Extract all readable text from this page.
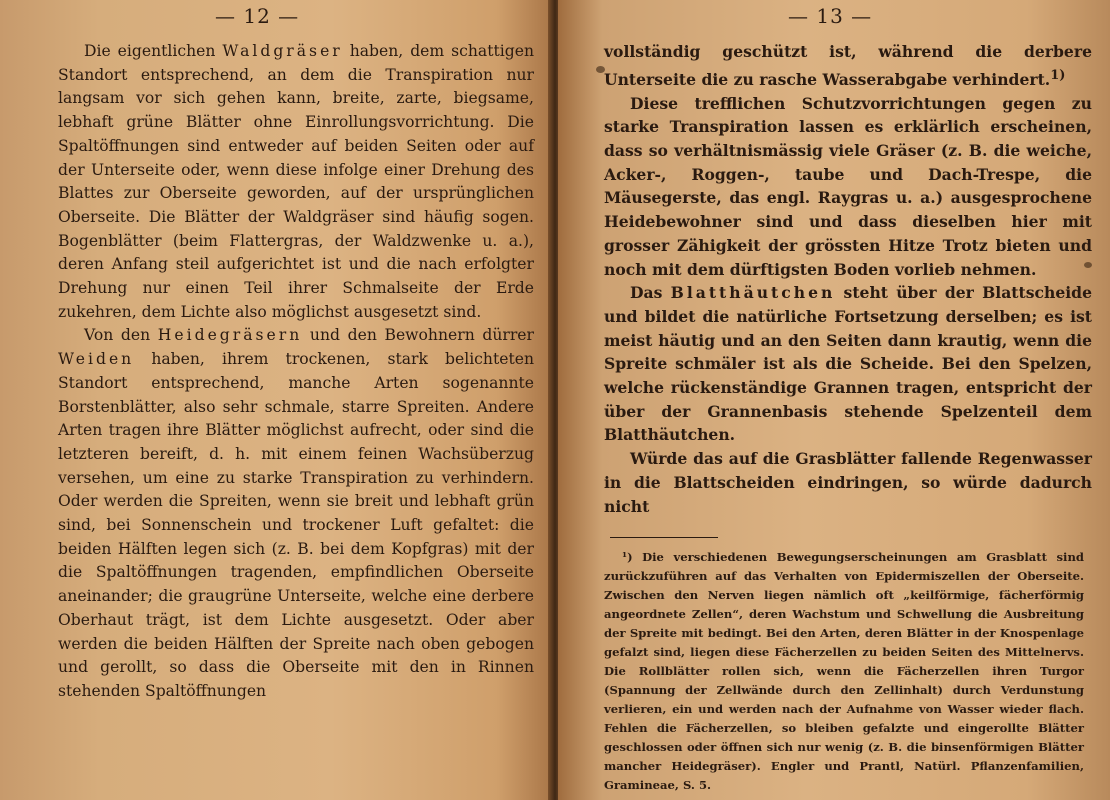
— 12 —

Die eigentlichen Waldgräser haben, dem schattigen Standort entsprechend, an dem die Transpiration nur langsam vor sich gehen kann, breite, zarte, biegsame, lebhaft grüne Blätter ohne Einrollungsvorrichtung. Die Spaltöffnungen sind entweder auf beiden Seiten oder auf der Unterseite oder, wenn diese infolge einer Drehung des Blattes zur Oberseite geworden, auf der ursprünglichen Oberseite. Die Blätter der Waldgräser sind häufig sogen. Bogenblätter (beim Flattergras, der Waldzwenke u. a.), deren Anfang steil aufgerichtet ist und die nach erfolgter Drehung nur einen Teil ihrer Schmalseite der Erde zukehren, dem Lichte also möglichst ausgesetzt sind.

Von den Heidegräsern und den Bewohnern dürrer Weiden haben, ihrem trockenen, stark belichteten Standort entsprechend, manche Arten sogenannte Borstenblätter, also sehr schmale, starre Spreiten. Andere Arten tragen ihre Blätter möglichst aufrecht, oder sind die letzteren bereift, d. h. mit einem feinen Wachsüberzug versehen, um eine zu starke Transpiration zu verhindern. Oder werden die Spreiten, wenn sie breit und lebhaft grün sind, bei Sonnenschein und trockener Luft gefaltet: die beiden Hälften legen sich (z. B. bei dem Kopfgras) mit der die Spaltöffnungen tragenden, empfindlichen Oberseite aneinander; die graugrüne Unterseite, welche eine derbere Oberhaut trägt, ist dem Lichte ausgesetzt. Oder aber werden die beiden Hälften der Spreite nach oben gebogen und gerollt, so dass die Oberseite mit den in Rinnen stehenden Spaltöffnungen

— 13 —

vollständig geschützt ist, während die derbere Unterseite die zu rasche Wasserabgabe verhindert.$^{1)}$

Diese trefflichen Schutzvorrichtungen gegen zu starke Transpiration lassen es erklärlich erscheinen, dass so verhältnismässig viele Gräser (z. B. die weiche, Acker-, Roggen-, taube und Dach-Trespe, die Mäusegerste, das engl. Raygras u. a.) ausgesprochene Heidebewohner sind und dass dieselben hier mit grosser Zähigkeit der grössten Hitze Trotz bieten und noch mit dem dürftigsten Boden vorlieb nehmen.

Das Blatthäutchen steht über der Blattscheide und bildet die natürliche Fortsetzung derselben; es ist meist häutig und an den Seiten dann krautig, wenn die Spreite schmäler ist als die Scheide. Bei den Spelzen, welche rückenständige Grannen tragen, entspricht der über der Grannenbasis stehende Spelzenteil dem Blatthäutchen.

Würde das auf die Grasblätter fallende Regenwasser in die Blattscheiden eindringen, so würde dadurch nicht

¹) Die verschiedenen Bewegungserscheinungen am Grasblatt sind zurückzuführen auf das Verhalten von Epidermiszellen der Oberseite. Zwischen den Nerven liegen nämlich oft „keilförmige, fächerförmig angeordnete Zellen“, deren Wachstum und Schwellung die Ausbreitung der Spreite mit bedingt. Bei den Arten, deren Blätter in der Knospenlage gefalzt sind, liegen diese Fächerzellen zu beiden Seiten des Mittelnervs. Die Rollblätter rollen sich, wenn die Fächerzellen ihren Turgor (Spannung der Zellwände durch den Zellinhalt) durch Verdunstung verlieren, ein und werden nach der Aufnahme von Wasser wieder flach. Fehlen die Fächerzellen, so bleiben gefalzte und eingerollte Blätter geschlossen oder öffnen sich nur wenig (z. B. die binsenförmigen Blätter mancher Heidegräser). Engler und Prantl, Natürl. Pflanzenfamilien, Gramineae, S. 5.
